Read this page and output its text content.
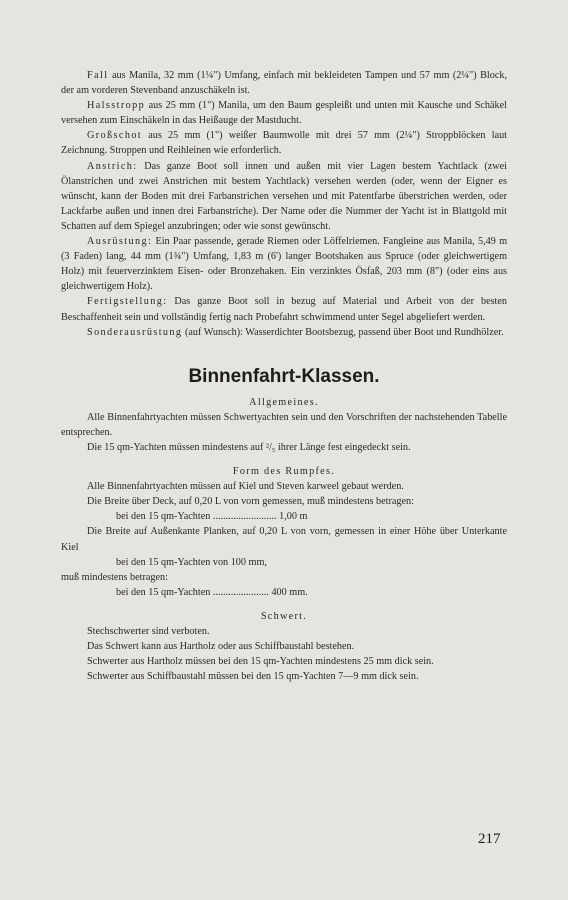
Fall aus Manila, 32 mm (1¼") Umfang, einfach mit bekleideten Tampen und 57 mm (2¼") Block, der am vorderen Stevenband anzuschäkeln ist.

Halsstropp aus 25 mm (1") Manila, um den Baum gespleißt und unten mit Kausche und Schäkel versehen zum Einschäkeln in das Heißauge der Mastducht.

Großschot aus 25 mm (1") weißer Baumwolle mit drei 57 mm (2¼") Stroppblöcken laut Zeichnung. Stroppen und Reihleinen wie erforderlich.

Anstrich: Das ganze Boot soll innen und außen mit vier Lagen bestem Yachtlack (zwei Ölanstrichen und zwei Anstrichen mit bestem Yachtlack) versehen werden (oder, wenn der Eigner es wünscht, kann der Boden mit drei Farbanstrichen versehen und mit Patentfarbe überstrichen werden, oder Lackfarbe außen und innen drei Farbanstriche). Der Name oder die Nummer der Yacht ist in Blattgold mit Schatten auf dem Spiegel anzubringen; oder wie sonst gewünscht.

Ausrüstung: Ein Paar passende, gerade Riemen oder Löffelriemen. Fangleine aus Manila, 5,49 m (3 Faden) lang, 44 mm (1¾") Umfang, 1,83 m (6') langer Bootshaken aus Spruce (oder gleichwertigem Holz) mit feuerverzinktem Eisen- oder Bronzehaken. Ein verzinktes Ösfaß, 203 mm (8") (oder eins aus gleichwertigem Holz).

Fertigstellung: Das ganze Boot soll in bezug auf Material und Arbeit von der besten Beschaffenheit sein und vollständig fertig nach Probefahrt schwimmend unter Segel abgeliefert werden.

Sonderausrüstung (auf Wunsch): Wasserdichter Bootsbezug, passend über Boot und Rundhölzer.

Binnenfahrt-Klassen.

Allgemeines.

Alle Binnenfahrtyachten müssen Schwertyachten sein und den Vorschriften der nachstehenden Tabelle entsprechen.

Die 15 qm-Yachten müssen mindestens auf ²/₅ ihrer Länge fest eingedeckt sein.

Form des Rumpfes.

Alle Binnenfahrtyachten müssen auf Kiel und Steven karweel gebaut werden.

Die Breite über Deck, auf 0,20 L von vorn gemessen, muß mindestens betragen:

bei den 15 qm-Yachten ......................... 1,00 m

Die Breite auf Außenkante Planken, auf 0,20 L von vorn, gemessen in einer Höhe über Unterkante Kiel

bei den 15 qm-Yachten von 100 mm,

muß mindestens betragen:

bei den 15 qm-Yachten ...................... 400 mm.

Schwert.

Stechschwerter sind verboten.

Das Schwert kann aus Hartholz oder aus Schiffbaustahl bestehen.

Schwerter aus Hartholz müssen bei den 15 qm-Yachten mindestens 25 mm dick sein.

Schwerter aus Schiffbaustahl müssen bei den 15 qm-Yachten 7—9 mm dick sein.

217
